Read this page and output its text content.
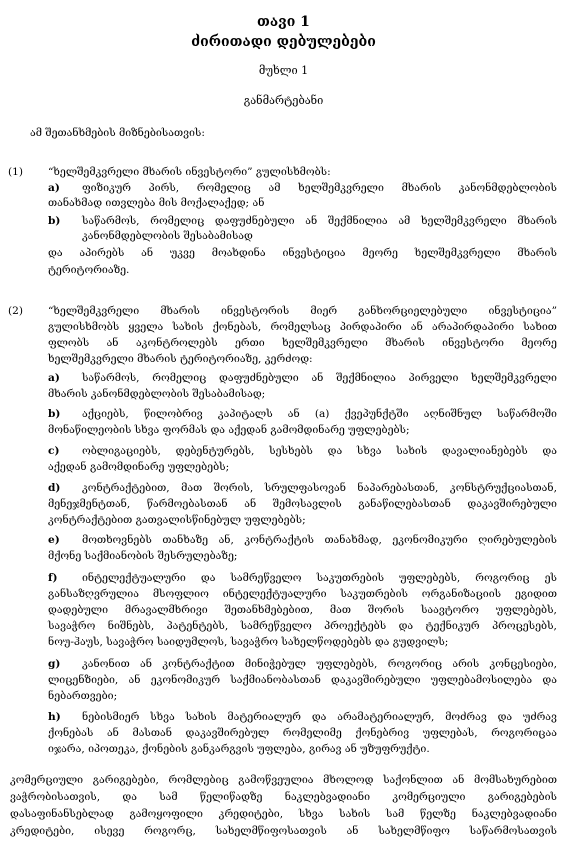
თავი 1
ძირითადი დებულებები
მუხლი 1
განმარტებანი
ამ შეთანხმების მიზნებისათვის:
(1) “ხელშემკვრელი მხარის ინვესტორი” გულისხმობს:
a) ფიზიკურ პირს, რომელიც ამ ხელშემკვრელი მხარის კანონმდებლობის
თანახმად ითვლება მის მოქალაქედ; ან
b) საწარმოს, რომელიც დაფუძნებული ან შექმნილია ამ ხელშემკვრელი მხარის
კანონმდებლობის შესაბამისად
და აპირებს ან უკვე მოახდინა ინვესტიცია მეორე ხელშემკვრელი მხარის
ტერიტორიაზე.
(2) “ხელშემკვრელი მხარის ინვესტორის მიერ განხორციელებული ინვესტიცია”
გულისხმობს ყველა სახის ქონებას, რომელსაც პირდაპირი ან არაპირდაპირი სახით
ფლობს ან აკონტროლებს ერთი ხელშემკვრელი მხარის ინვესტორი მეორე
ხელშემკვრელი მხარის ტერიტორიაზე, კერძოდ:
a) საწარმოს, რომელიც დაფუძნებული ან შექმნილია პირველი ხელშემკვრელი
მხარის კანონმდებლობის შესაბამისად;
b) აქციებს, წილობრივ კაპიტალს ან (a) ქვეპუნქტში აღნიშნულ საწარმოში
მონაწილეობის სხვა ფორმას და აქედან გამომდინარე უფლებებს;
c) ობლიგაციებს, დებენტურებს, სესხებს და სხვა სახის დავალიანებებს და
აქედან გამომდინარე უფლებებს;
d) კონტრაქტებით, მათ შორის, სრულფასოვან ნაპარებასთან, კონსტრუქციასთან,
მენეჯმენტთან, წარმოებასთან ან შემოსავლის განაწილებასთან დაკავშირებული
კონტრაქტებით გათვალისწინებულ უფლებებს;
e) მოთხოვნებს თანხაზე ან, კონტრაქტის თანახმად, ეკონომიკური ღირებულების
მქონე საქმიანობის შესრულებაზე;
f) ინტელექტუალური და სამრეწველო საკუთრების უფლებებს, როგორიც ეს
განსაზღვრულია მსოფლიო ინტელექტუალური საკუთრების ორგანიზაციის ეგიდით
დადებული მრავალმხრივი შეთანხმებებით, მათ შორის საავტორო უფლებებს,
სავაჭრო ნიშნებს, პატენტებს, სამრეწველო პროექტებს და ტექნიკურ პროცესებს,
ნოუ-ჰაუს, სავაჭრო საიდუმლოს, სავაჭრო სახელწოდებებს და გუდვილს;
g) კანონით ან კონტრაქტით მინიჭებულ უფლებებს, როგორიც არის კონცესიები,
ლიცენზიები, ან ეკონომიკურ საქმიანობასთან დაკავშირებული უფლებამოსილება და
ნებართვები;
h) ნებისმიერ სხვა სახის მატერიალურ და არამატერიალურ, მოძრავ და უძრავ
ქონებას ან მასთან დაკავშირებულ რომელიმე ქონებრივ უფლებას, როგორიცაა
იჯარა, იპოთეკა, ქონების განკარგვის უფლება, გირავ ან უზუფრუქტი.
კომერციული გარიგებები, რომლებიც გამოწვეულია მხოლოდ საქონლით ან მომსახურებით
ვაჭრობისათვის, და სამ წელიწადზე ნაკლებვადიანი კომერციული გარიგებების
დასაფინანსებლად გამოყოფილი კრედიტები, სხვა სახის სამ წელზე ნაკლებვადიანი
კრედიტები, ისევე როგორც, სახელმწიფოსათვის ან სახელმწიფო საწარმოსათვის
